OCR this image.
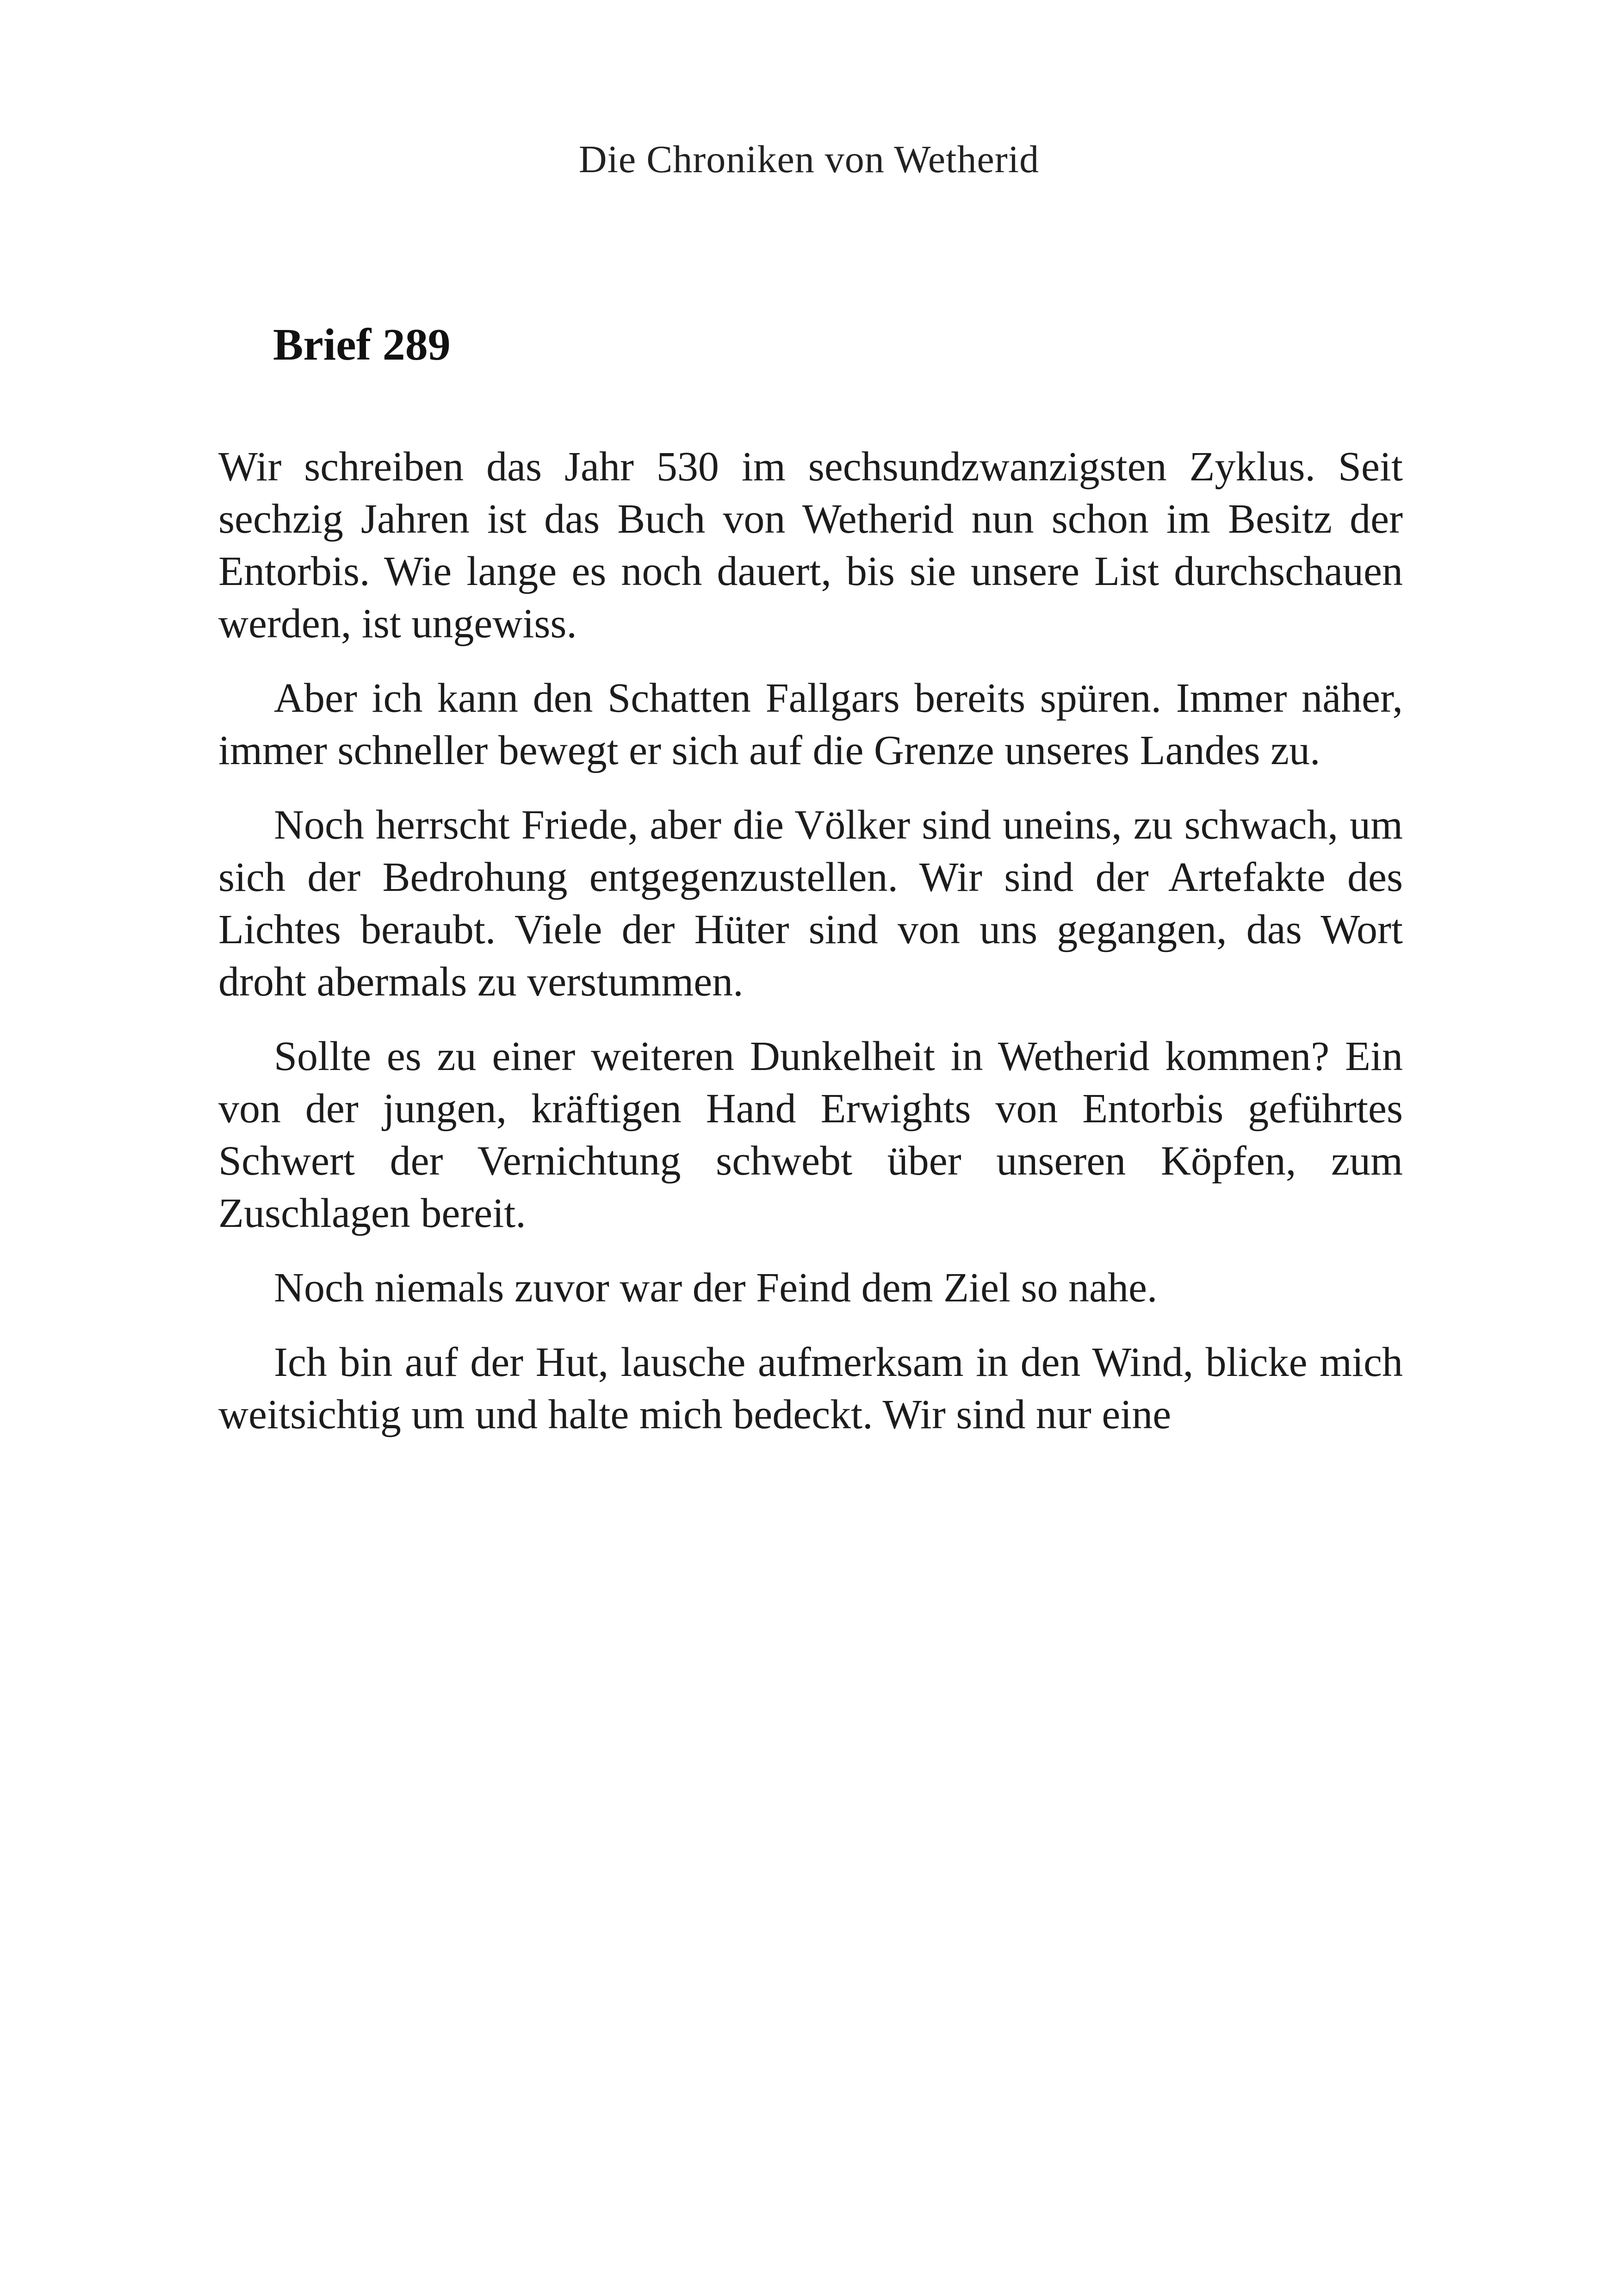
Die Chroniken von Wetherid
Brief 289

Wir schreiben das Jahr 530 im sechsundzwanzigsten Zyklus. Seit sechzig Jahren ist das Buch von Wetherid nun schon im Besitz der Entorbis. Wie lange es noch dauert, bis sie unsere List durchschauen werden, ist ungewiss.

Aber ich kann den Schatten Fallgars bereits spüren. Immer näher, immer schneller bewegt er sich auf die Grenze unseres Landes zu.

Noch herrscht Friede, aber die Völker sind uneins, zu schwach, um sich der Bedrohung entgegenzustellen. Wir sind der Artefakte des Lichtes beraubt. Viele der Hüter sind von uns gegangen, das Wort droht abermals zu verstummen.

Sollte es zu einer weiteren Dunkelheit in Wetherid kommen? Ein von der jungen, kräftigen Hand Erwights von Entorbis geführtes Schwert der Vernichtung schwebt über unseren Köpfen, zum Zuschlagen bereit.

Noch niemals zuvor war der Feind dem Ziel so nahe.

Ich bin auf der Hut, lausche aufmerksam in den Wind, blicke mich weitsichtig um und halte mich bedeckt. Wir sind nur eine
